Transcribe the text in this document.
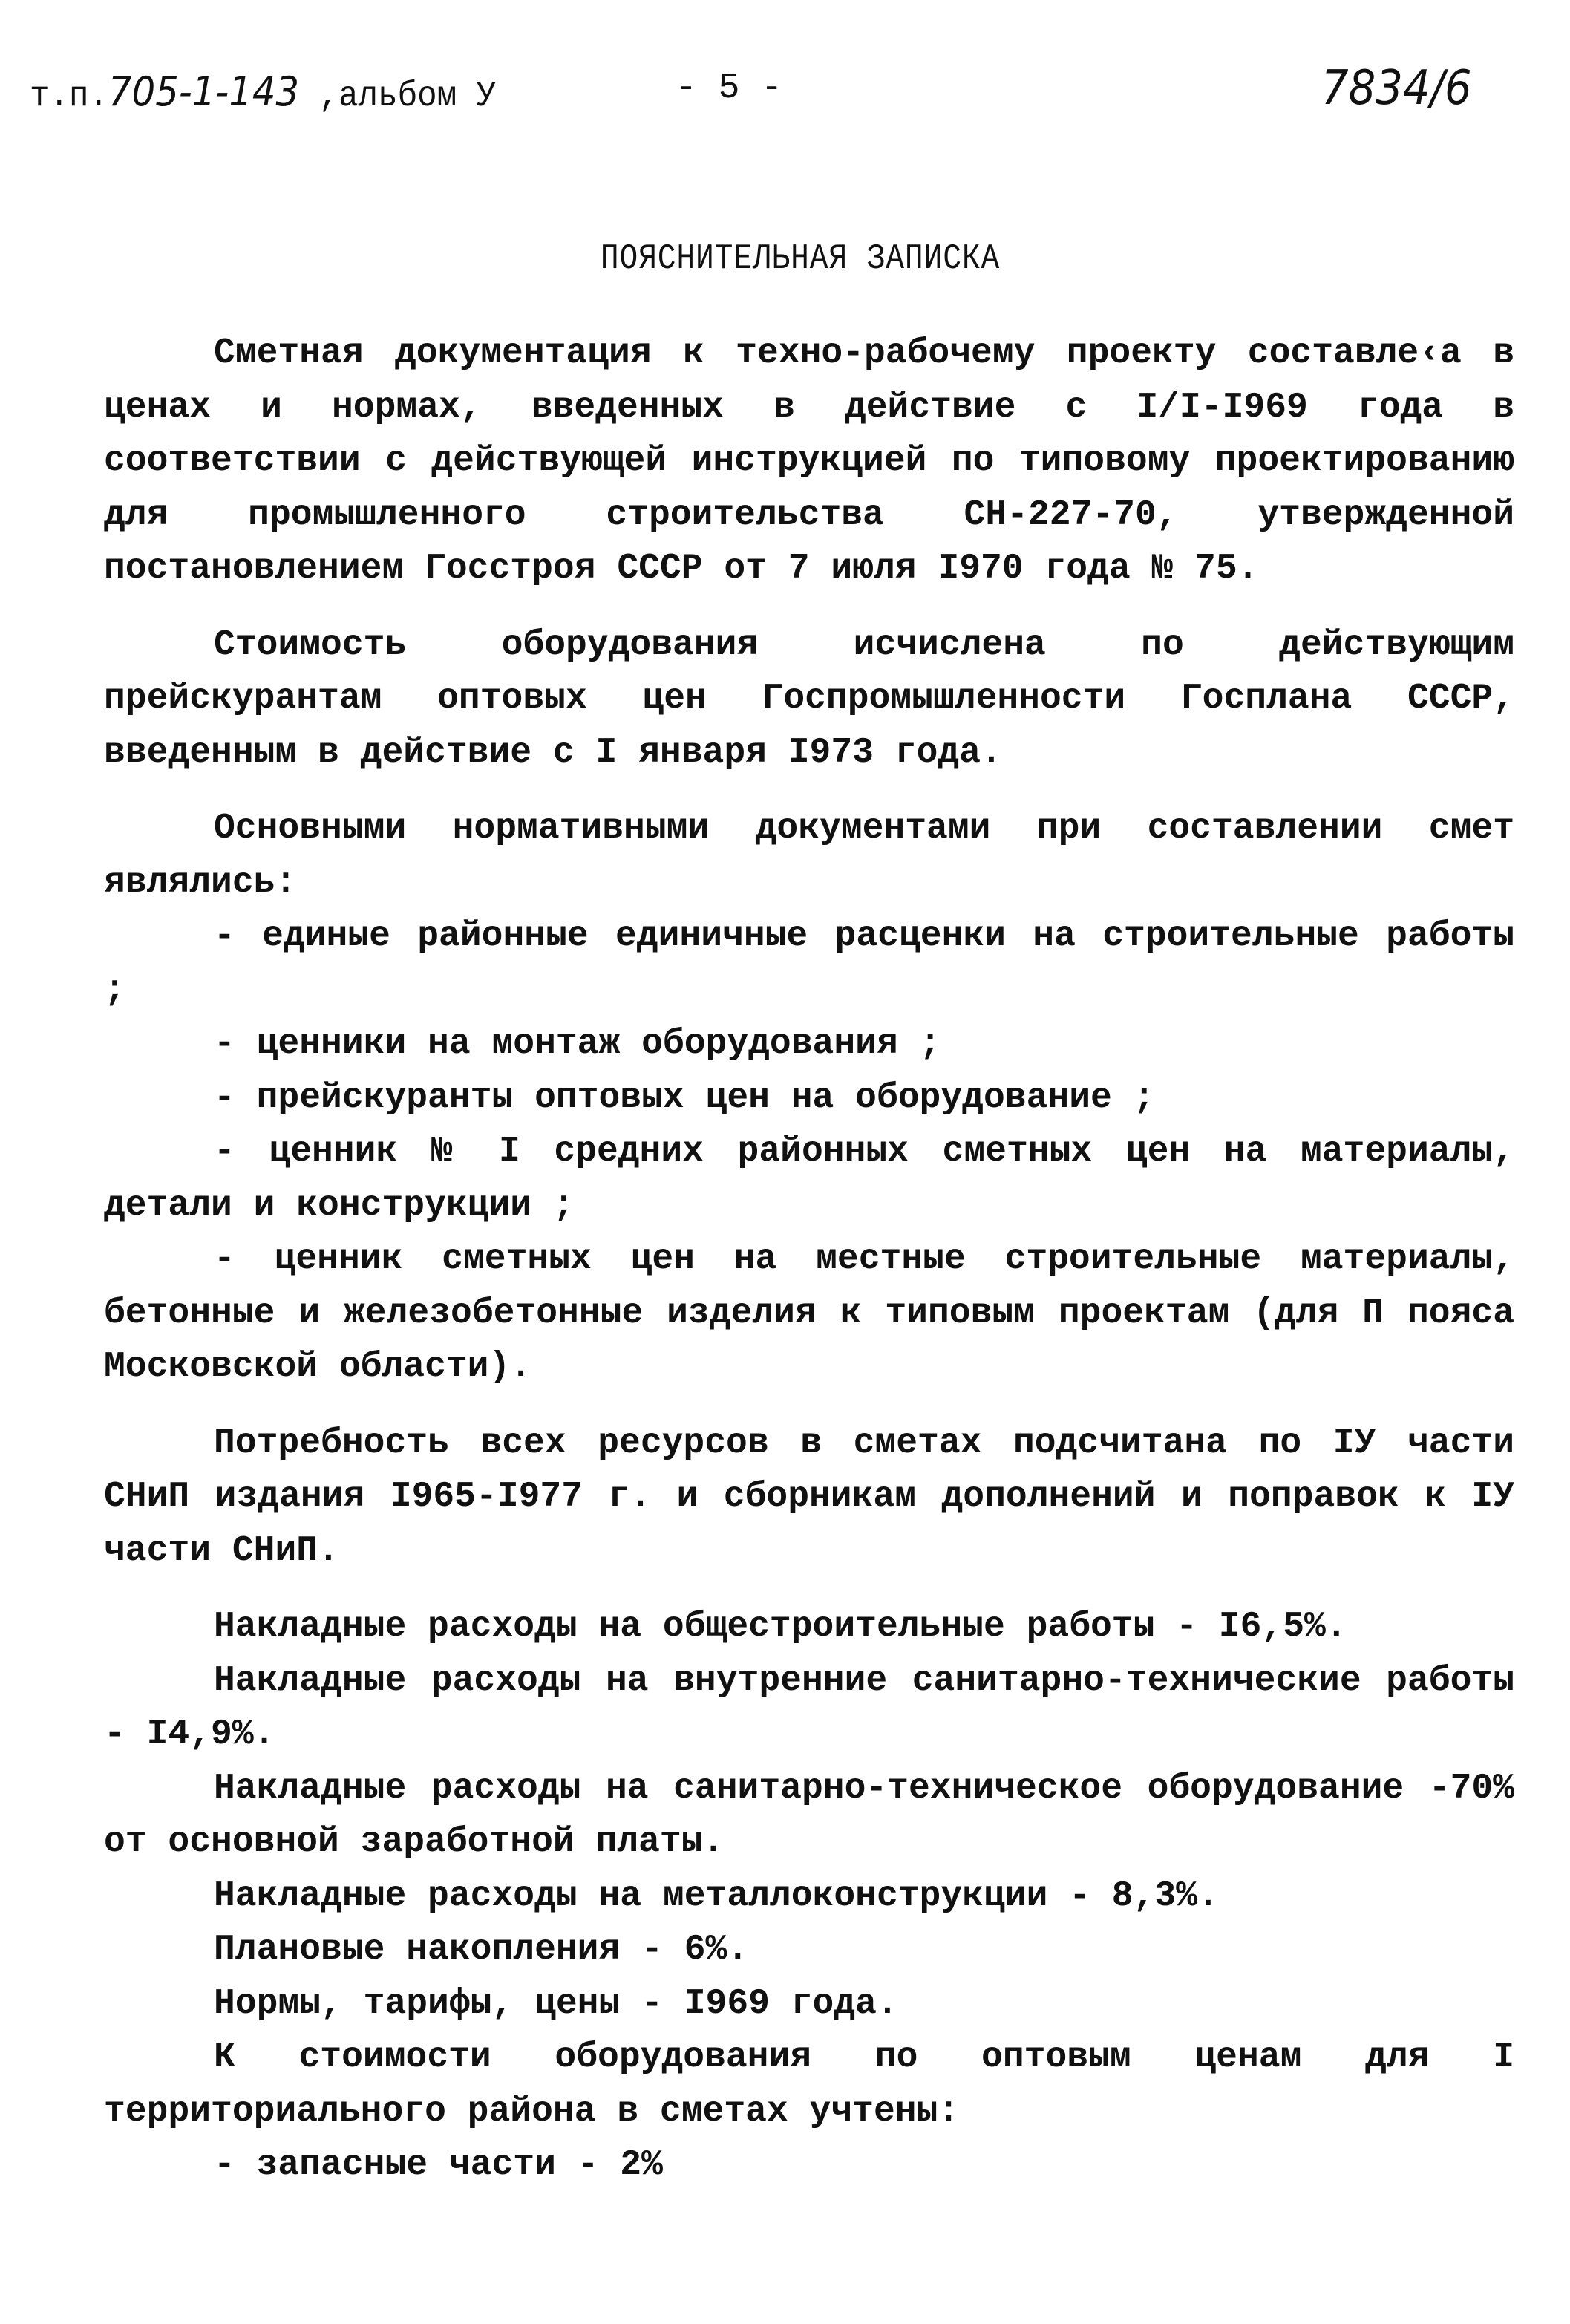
т.п.705-1-143 ,альбом У	- 5 -	7834/6
ПОЯСНИТЕЛЬНАЯ ЗАПИСКА

Сметная документация к техно-рабочему проекту составле‹а в ценах и нормах, введенных в действие с I/I-I969 года в соответствии с действующей инструкцией по типовому проектированию для промышленного строительства СН-227-70, утвержденной постановлением Госстроя СССР от 7 июля I970 года № 75.

Стоимость оборудования исчислена по действующим прейскурантам оптовых цен Госпромышленности Госплана СССР, введенным в действие с I января I973 года.

Основными нормативными документами при составлении смет являлись:

- единые районные единичные расценки на строительные работы ;

- ценники на монтаж оборудования ;

- прейскуранты оптовых цен на оборудование ;

- ценник № I средних районных сметных цен на материалы, детали и конструкции ;

- ценник сметных цен на местные строительные материалы, бетонные и железобетонные изделия к типовым проектам (для П пояса Московской области).

Потребность всех ресурсов в сметах подсчитана по IУ части СНиП издания I965-I977 г. и сборникам дополнений и поправок к IУ части СНиП.

Накладные расходы на общестроительные работы - I6,5%.

Накладные расходы на внутренние санитарно-технические работы - I4,9%.

Накладные расходы на санитарно-техническое оборудование -70% от основной заработной платы.

Накладные расходы на металлоконструкции - 8,3%.

Плановые накопления - 6%.

Нормы, тарифы, цены - I969 года.

К стоимости оборудования по оптовым ценам для I территориального района в сметах учтены:

- запасные части - 2%
